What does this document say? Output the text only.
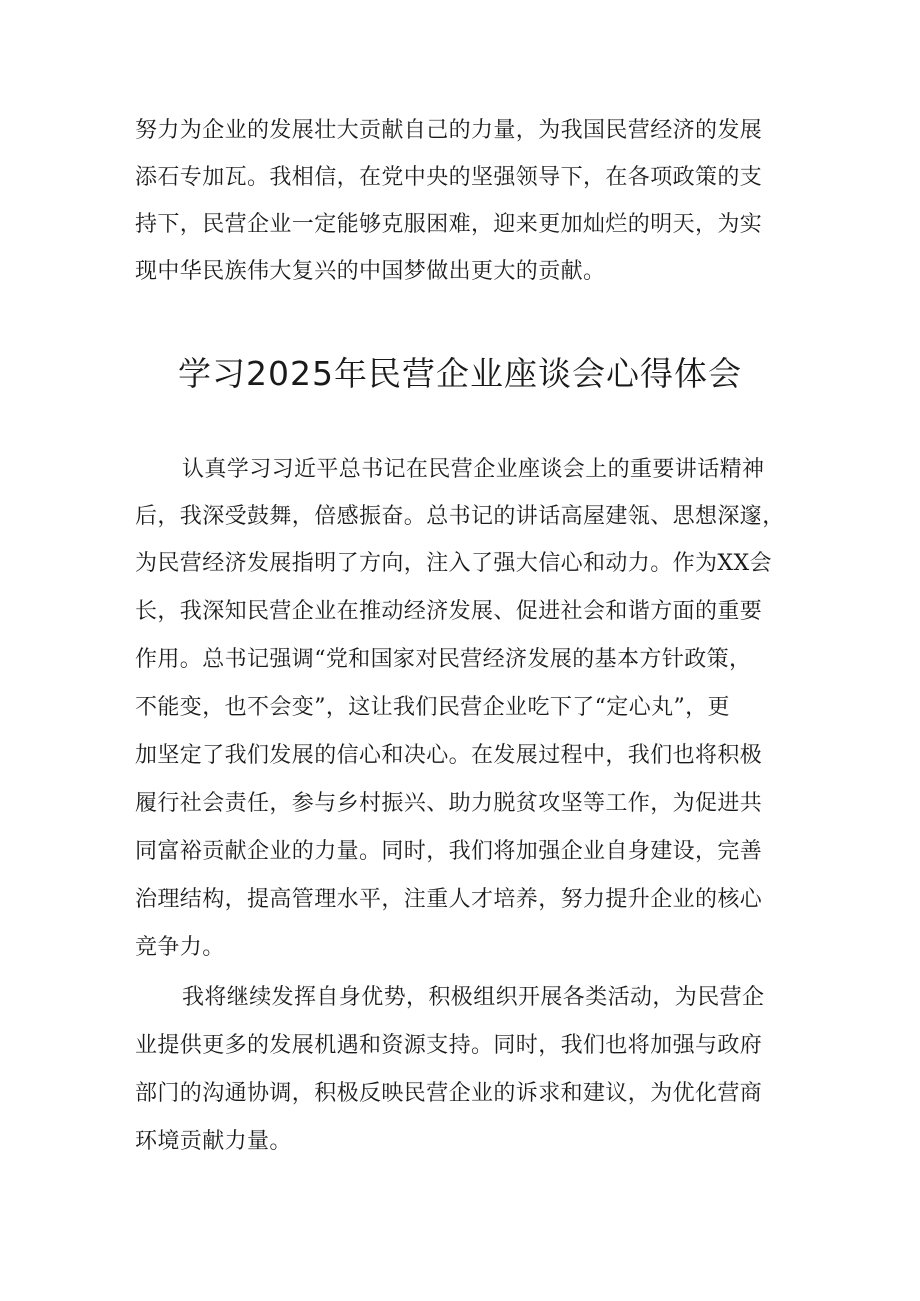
努力为企业的发展壮大贡献自己的力量，为我国民营经济的发展
添石专加瓦。我相信，在党中央的坚强领导下，在各项政策的支
持下，民营企业一定能够克服困难，迎来更加灿烂的明天，为实
现中华民族伟大复兴的中国梦做出更大的贡献。
学习2025年民营企业座谈会心得体会
认真学习习近平总书记在民营企业座谈会上的重要讲话精神
后，我深受鼓舞，倍感振奋。总书记的讲话高屋建瓴、思想深邃，
为民营经济发展指明了方向，注入了强大信心和动力。作为XX会
长，我深知民营企业在推动经济发展、促进社会和谐方面的重要
作用。总书记强调“党和国家对民营经济发展的基本方针政策，
不能变，也不会变”，这让我们民营企业吃下了“定心丸”，更
加坚定了我们发展的信心和决心。在发展过程中，我们也将积极
履行社会责任，参与乡村振兴、助力脱贫攻坚等工作，为促进共
同富裕贡献企业的力量。同时，我们将加强企业自身建设，完善
治理结构，提高管理水平，注重人才培养，努力提升企业的核心
竞争力。
我将继续发挥自身优势，积极组织开展各类活动，为民营企
业提供更多的发展机遇和资源支持。同时，我们也将加强与政府
部门的沟通协调，积极反映民营企业的诉求和建议，为优化营商
环境贡献力量。
